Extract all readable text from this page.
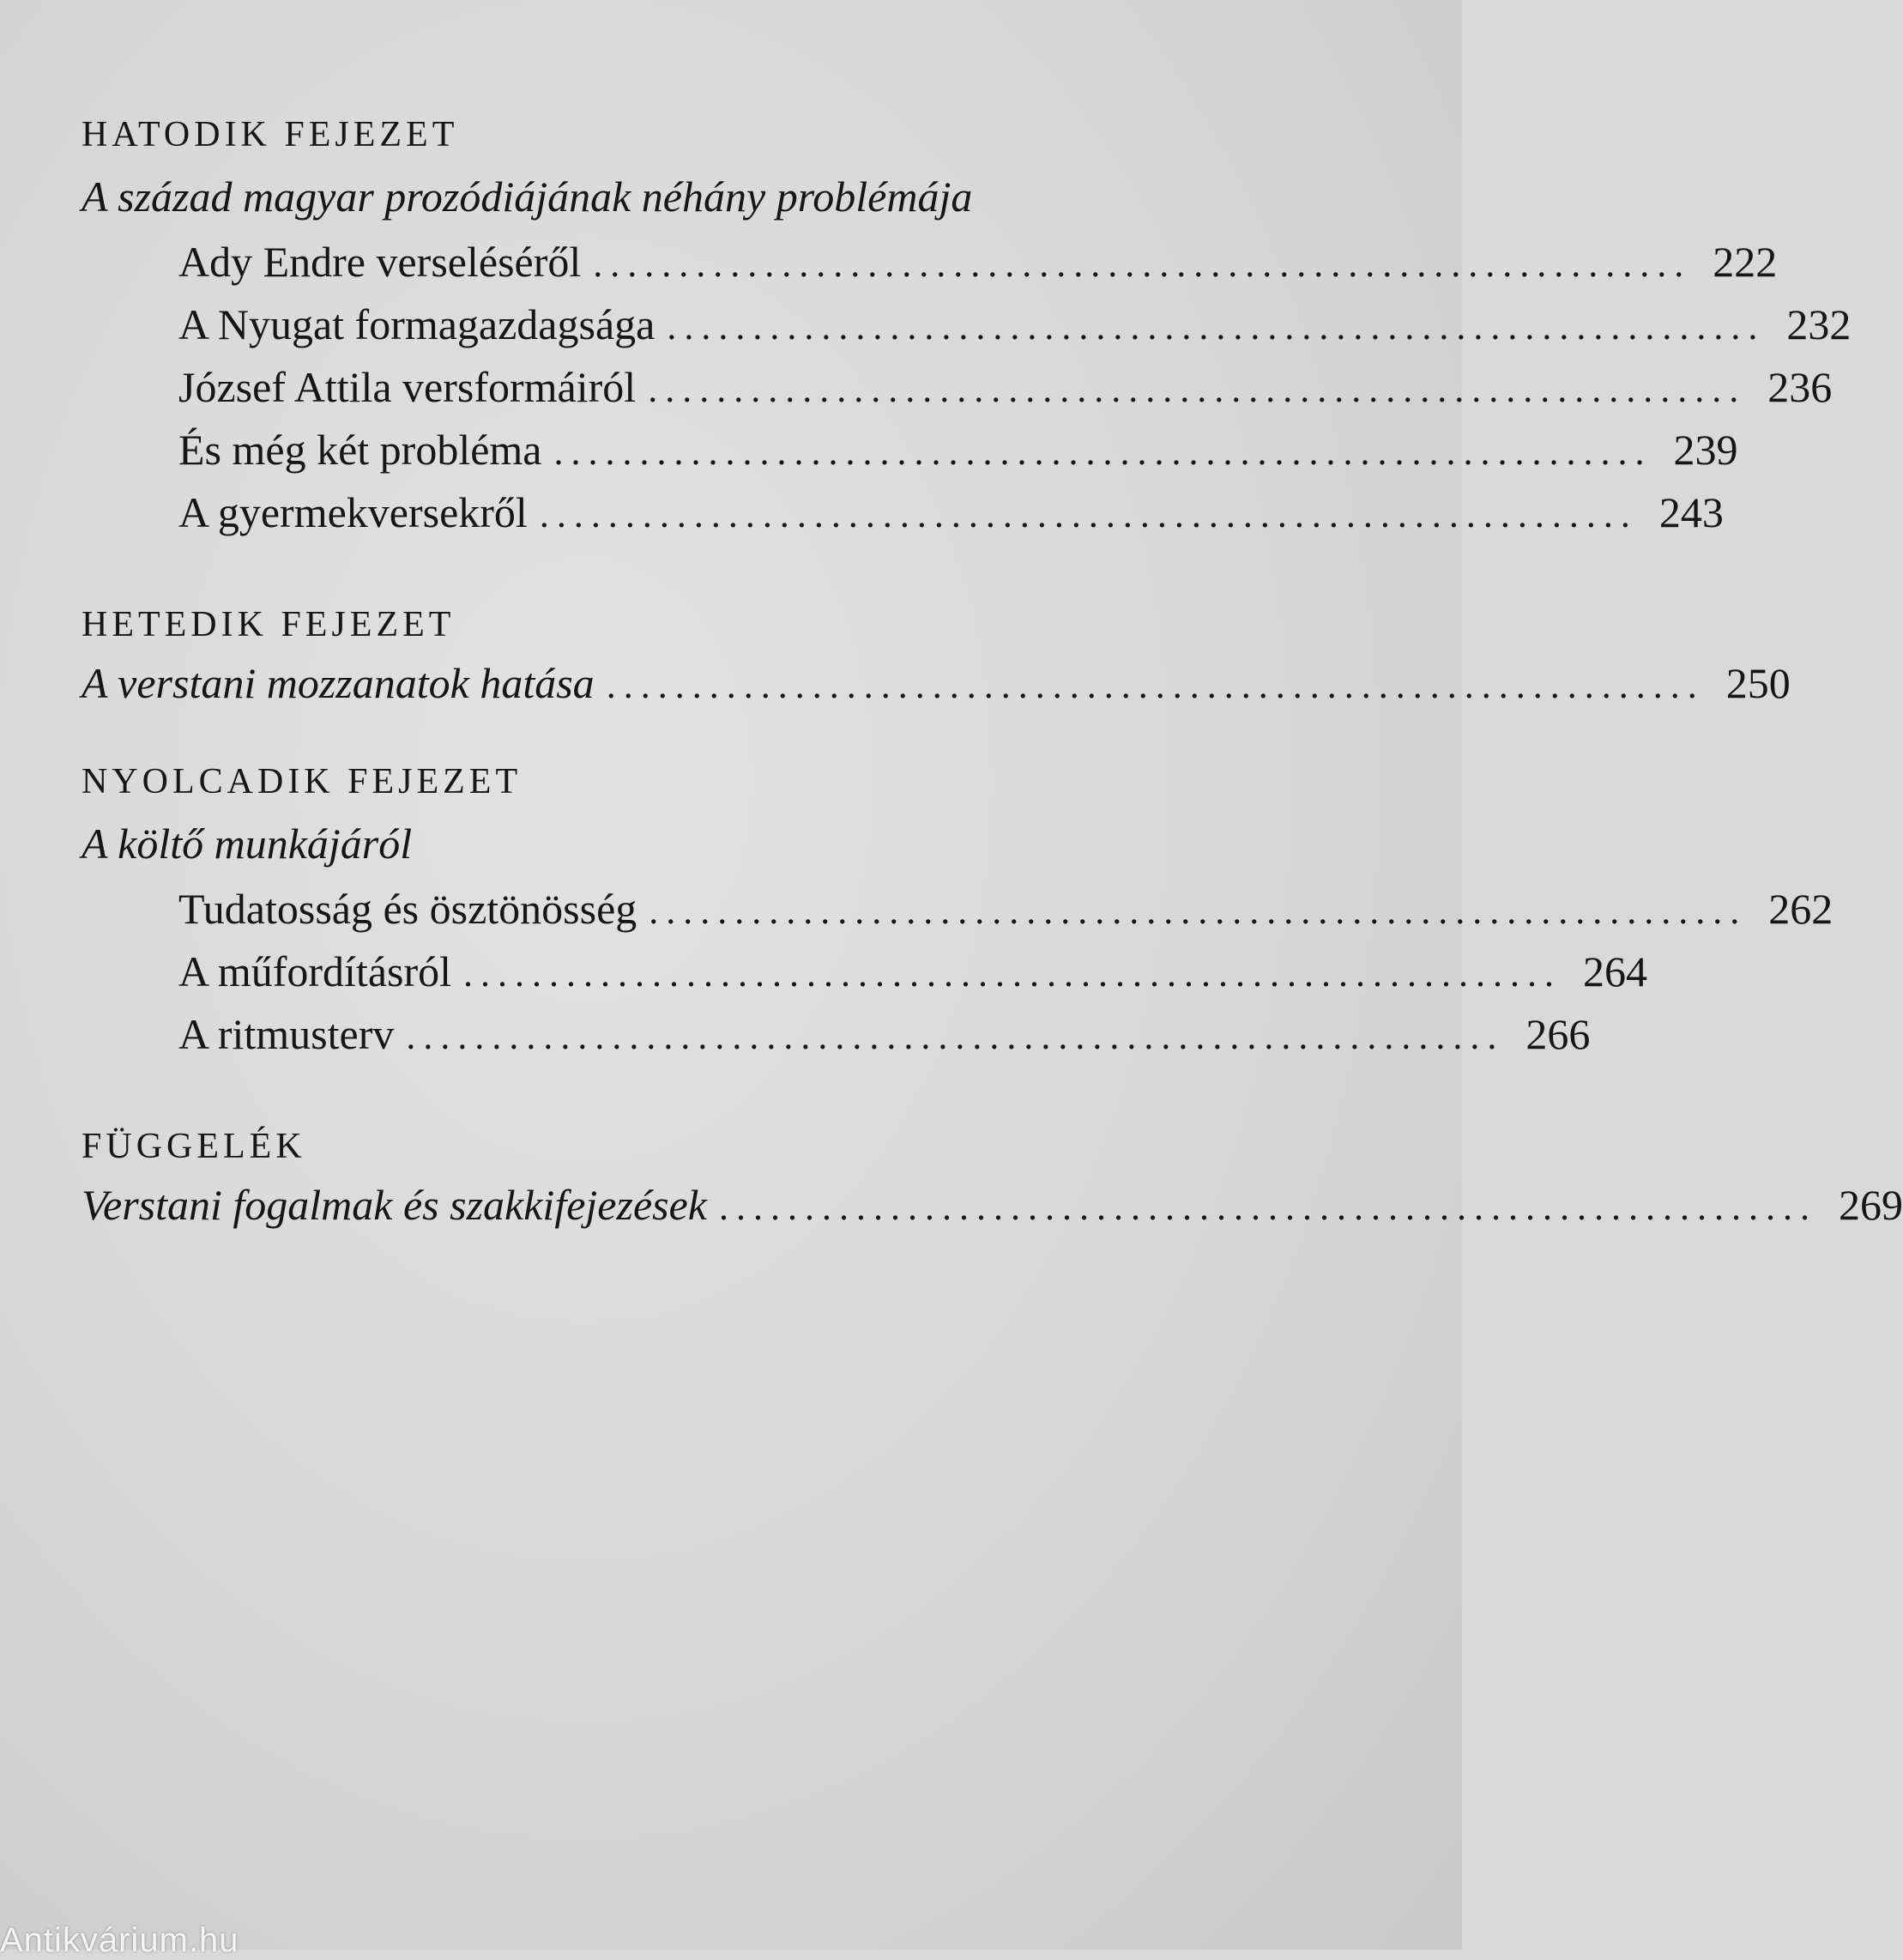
HATODIK FEJEZET
A század magyar prozódiájának néhány problémája
Ady Endre verseléséről ................................................................ 222
A Nyugat formagazdagsága ................................................................ 232
József Attila versformáiról ................................................................ 236
És még két probléma ................................................................ 239
A gyermekversekről ................................................................ 243
HETEDIK FEJEZET
A verstani mozzanatok hatása ................................................................ 250
NYOLCADIK FEJEZET
A költő munkájáról
Tudatosság és ösztönösség ................................................................ 262
A műfordításról ................................................................ 264
A ritmusterv ................................................................ 266
FÜGGELÉK
Verstani fogalmak és szakkifejezések ................................................................ 269
Antikvárium.hu
